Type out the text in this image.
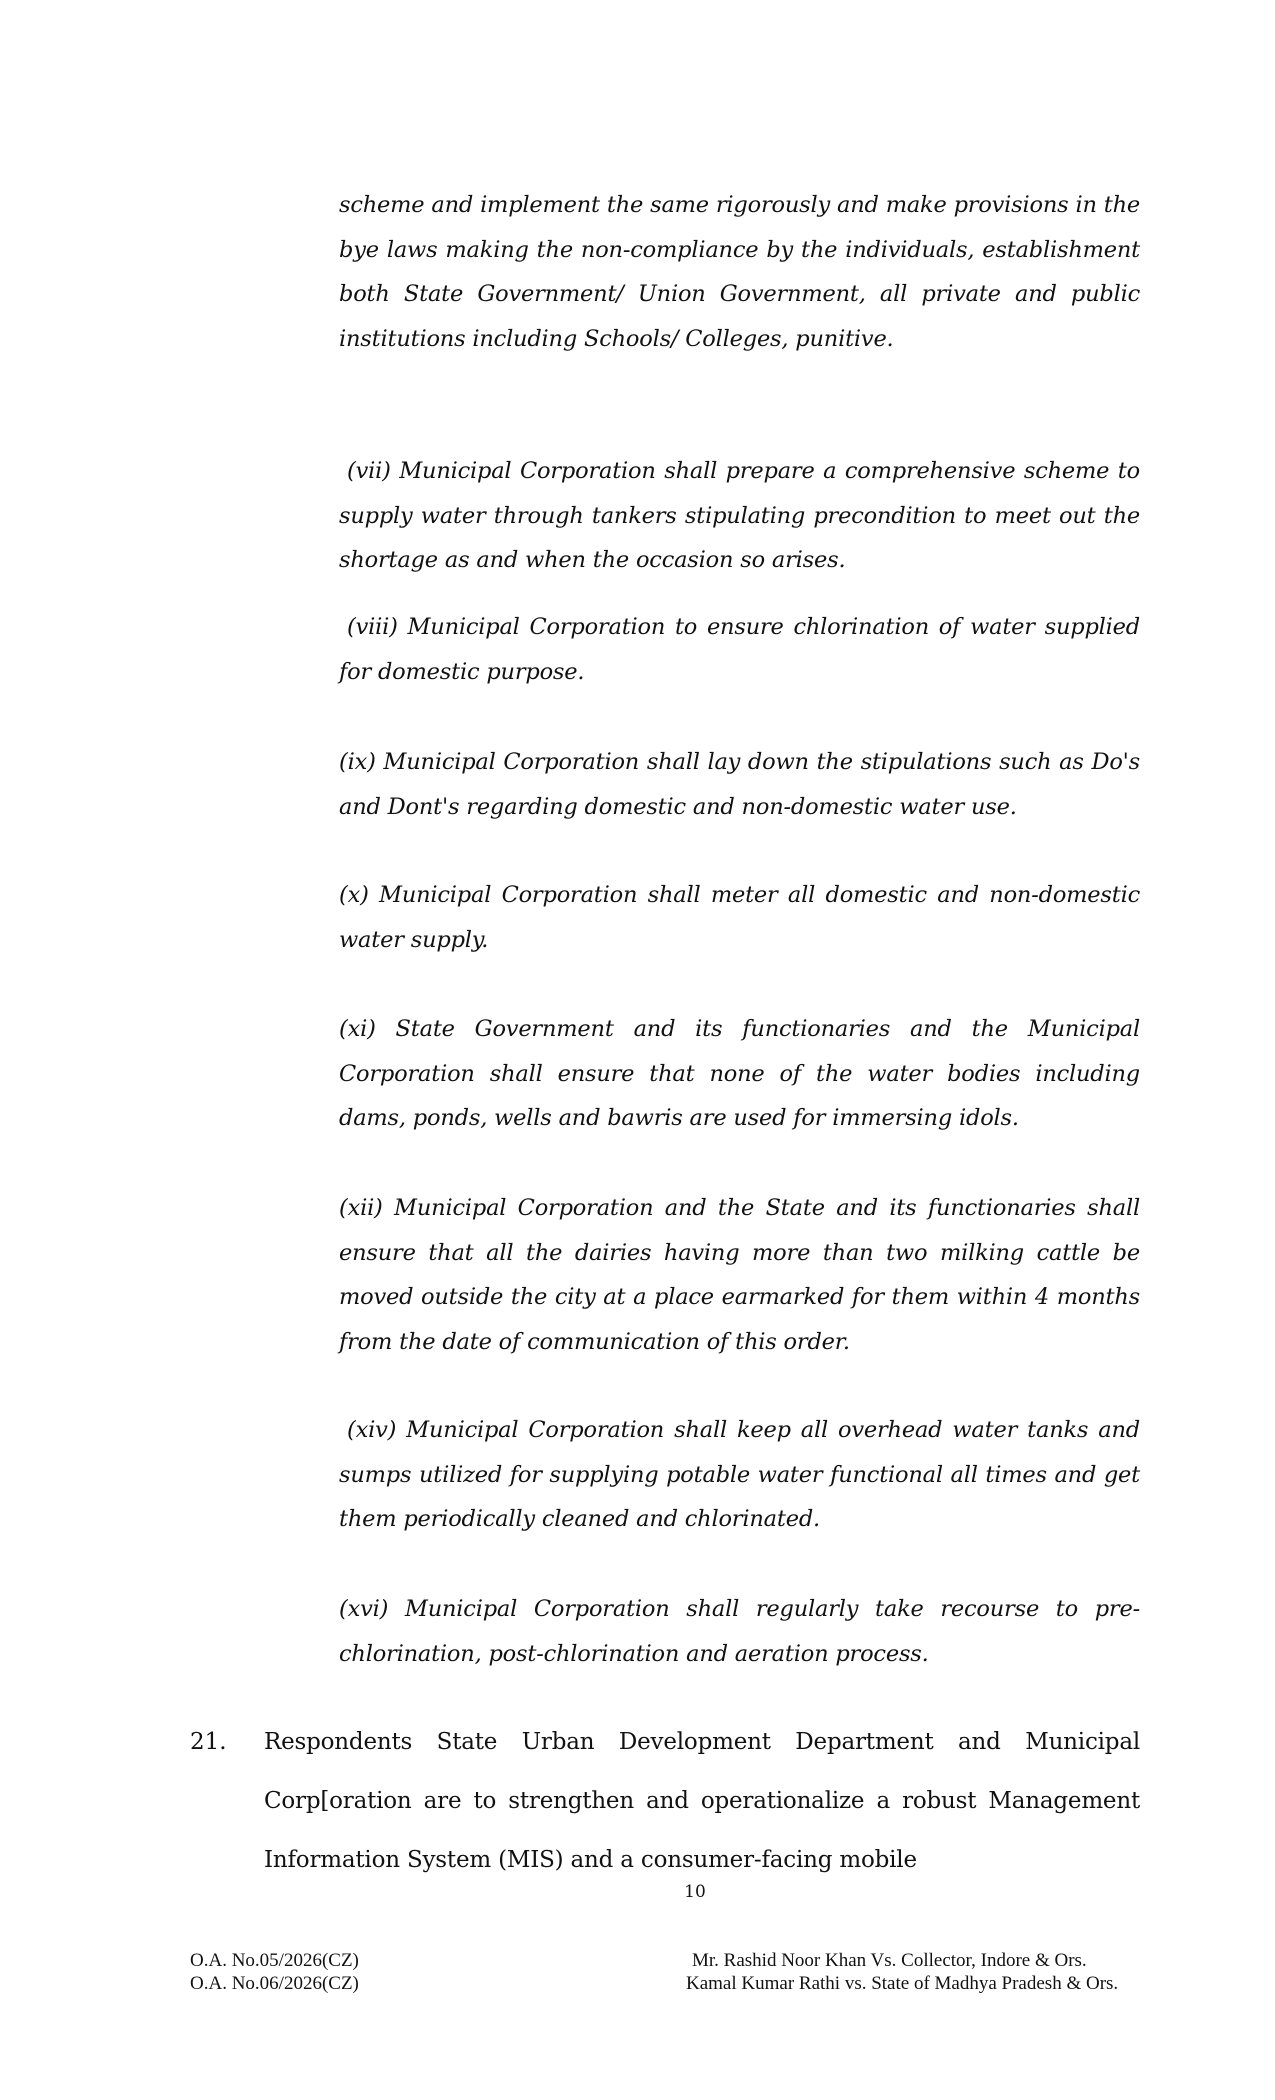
scheme and implement the same rigorously and make provisions in the bye laws making the non-compliance by the individuals, establishment both State Government/ Union Government, all private and public institutions including Schools/ Colleges, punitive.

(vii) Municipal Corporation shall prepare a comprehensive scheme to supply water through tankers stipulating precondition to meet out the shortage as and when the occasion so arises.

(viii) Municipal Corporation to ensure chlorination of water supplied for domestic purpose.

(ix) Municipal Corporation shall lay down the stipulations such as Do's and Dont's regarding domestic and non-domestic water use.

(x) Municipal Corporation shall meter all domestic and non-domestic water supply.

(xi) State Government and its functionaries and the Municipal Corporation shall ensure that none of the water bodies including dams, ponds, wells and bawris are used for immersing idols.

(xii) Municipal Corporation and the State and its functionaries shall ensure that all the dairies having more than two milking cattle be moved outside the city at a place earmarked for them within 4 months from the date of communication of this order.

(xiv) Municipal Corporation shall keep all overhead water tanks and sumps utilized for supplying potable water functional all times and get them periodically cleaned and chlorinated.

(xvi) Municipal Corporation shall regularly take recourse to pre-chlorination, post-chlorination and aeration process.

21. Respondents State Urban Development Department and Municipal Corp[oration are to strengthen and operationalize a robust Management Information System (MIS) and a consumer-facing mobile

10
O.A. No.05/2026(CZ)
O.A. No.06/2026(CZ)
Mr. Rashid Noor Khan Vs. Collector, Indore & Ors.
Kamal Kumar Rathi vs. State of Madhya Pradesh & Ors.
